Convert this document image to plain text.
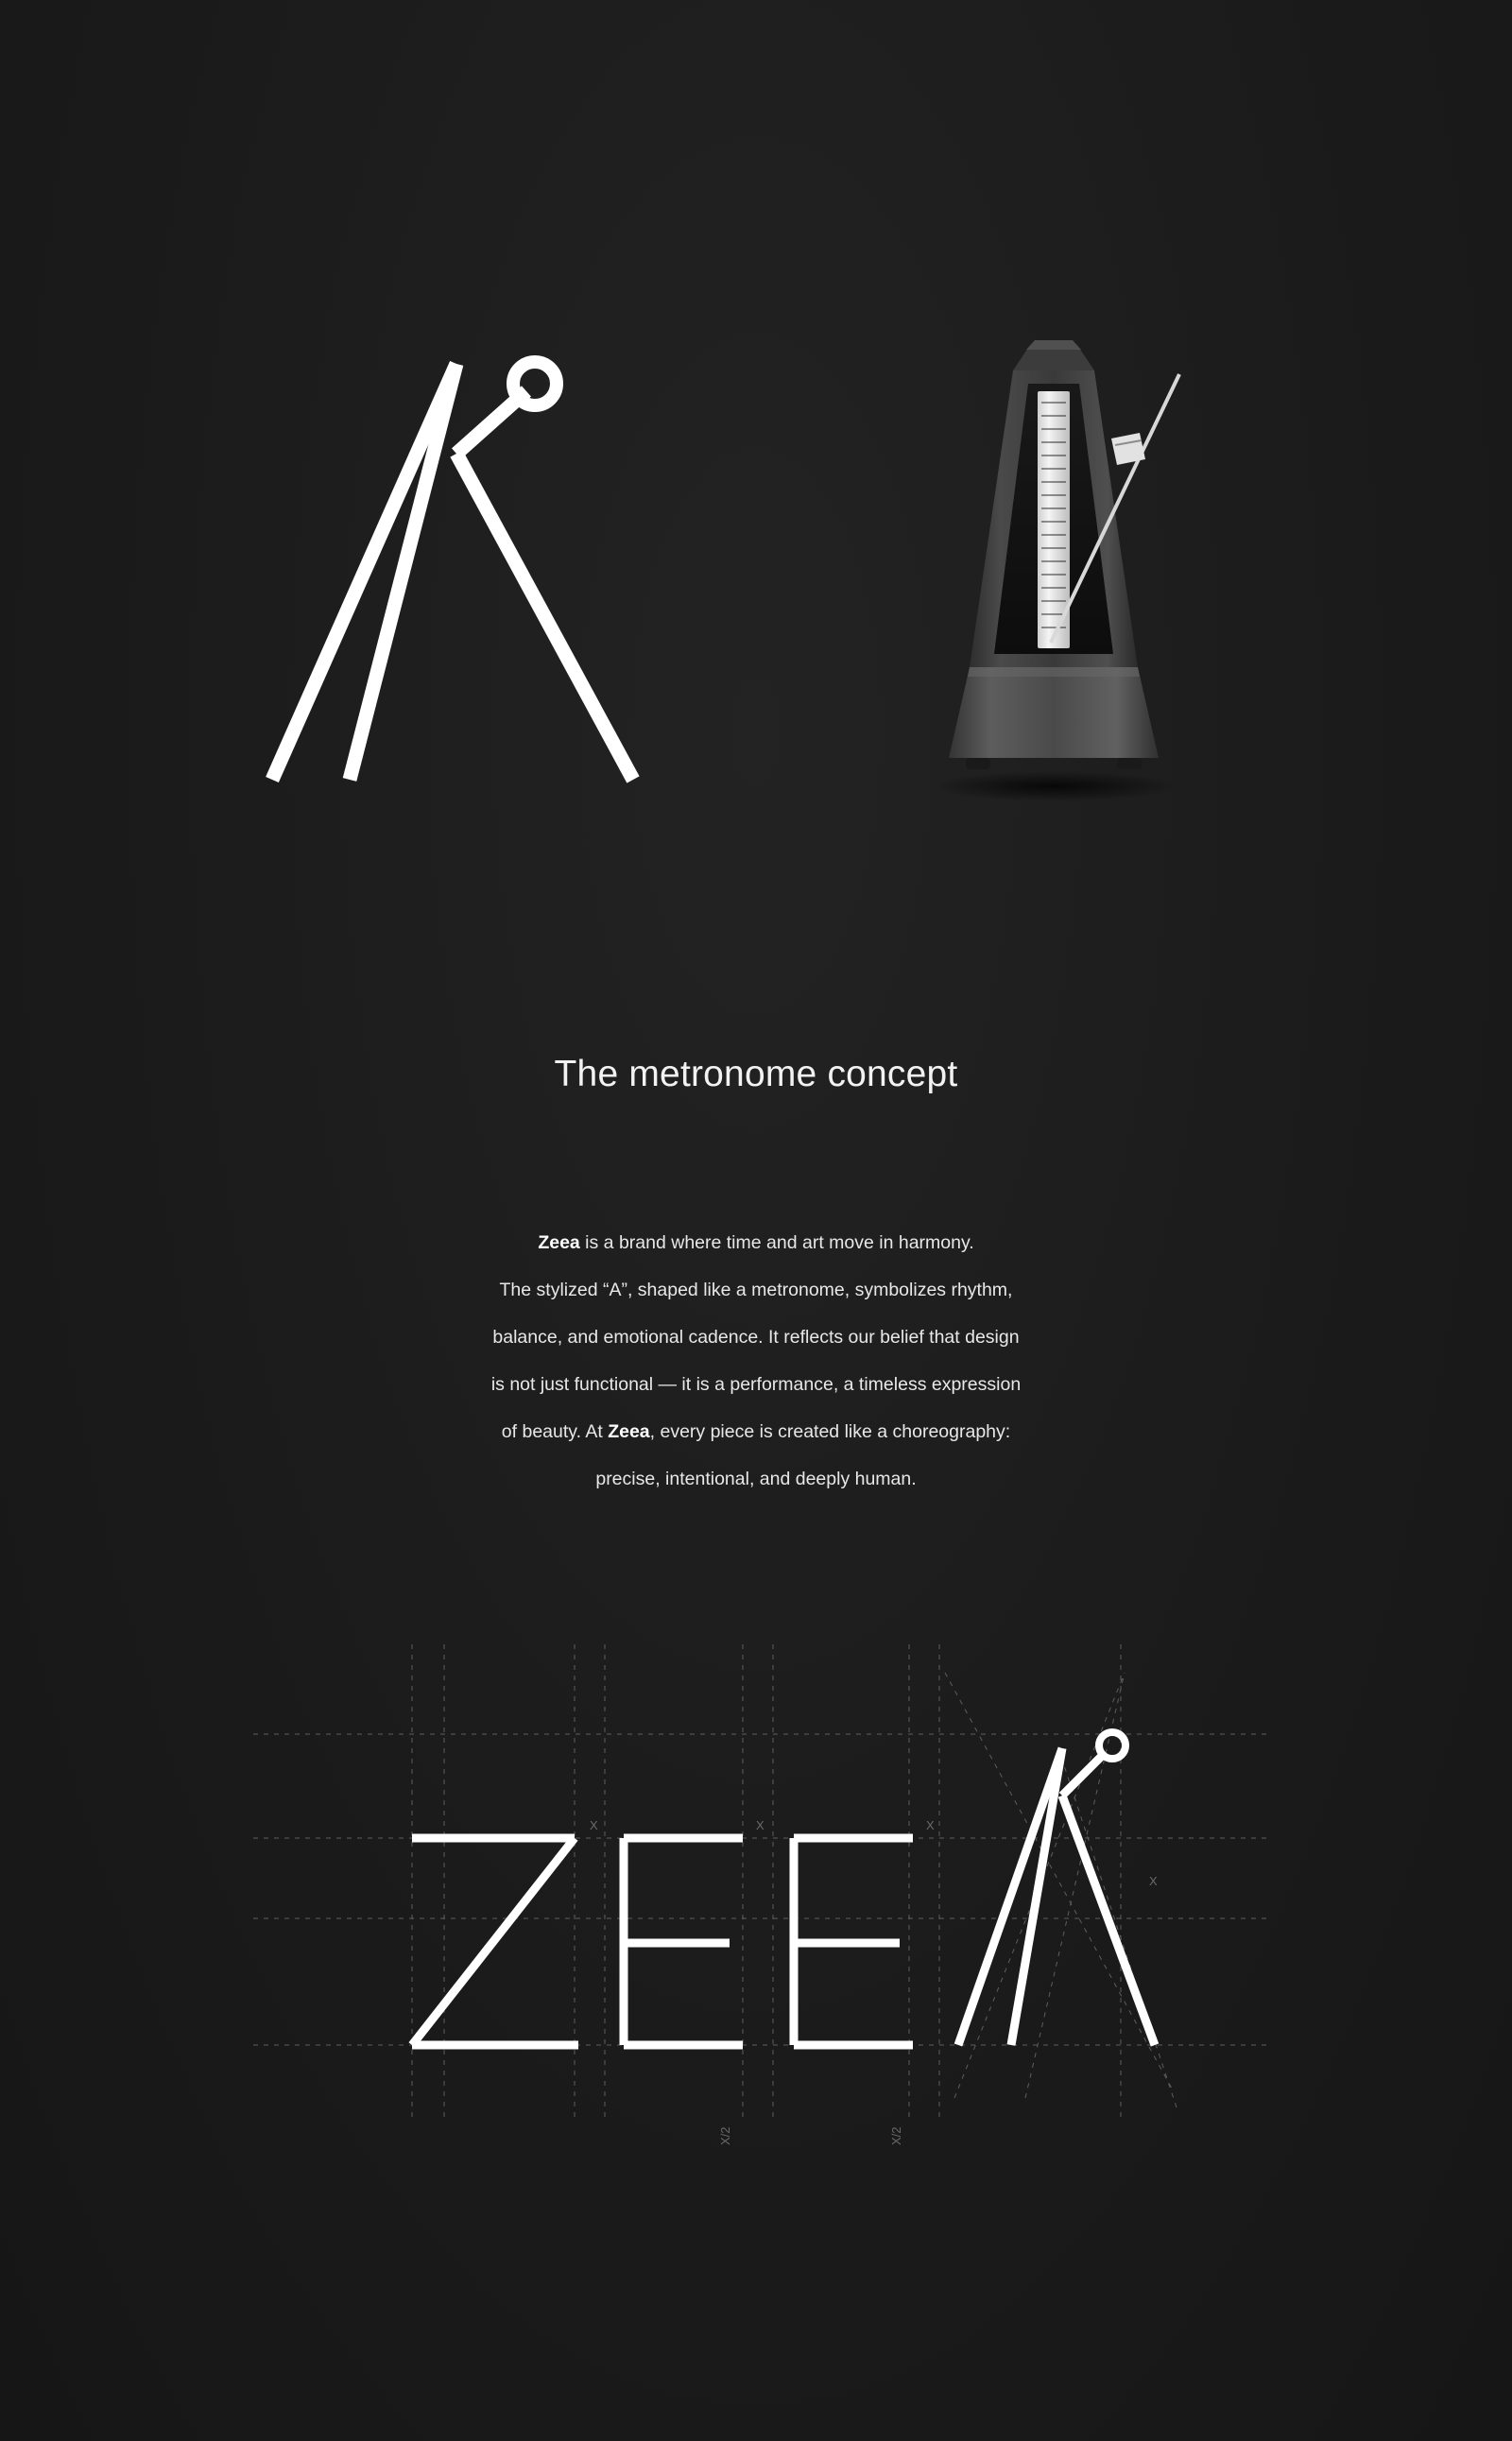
The metronome concept
Zeea is a brand where time and art move in harmony.
The stylized “A”, shaped like a metronome, symbolizes rhythm,
balance, and emotional cadence. It reflects our belief that design
is not just functional — it is a performance, a timeless expression
of beauty. At Zeea, every piece is created like a choreography:
precise, intentional, and deeply human.
X	X	X
X
X/2	X/2
